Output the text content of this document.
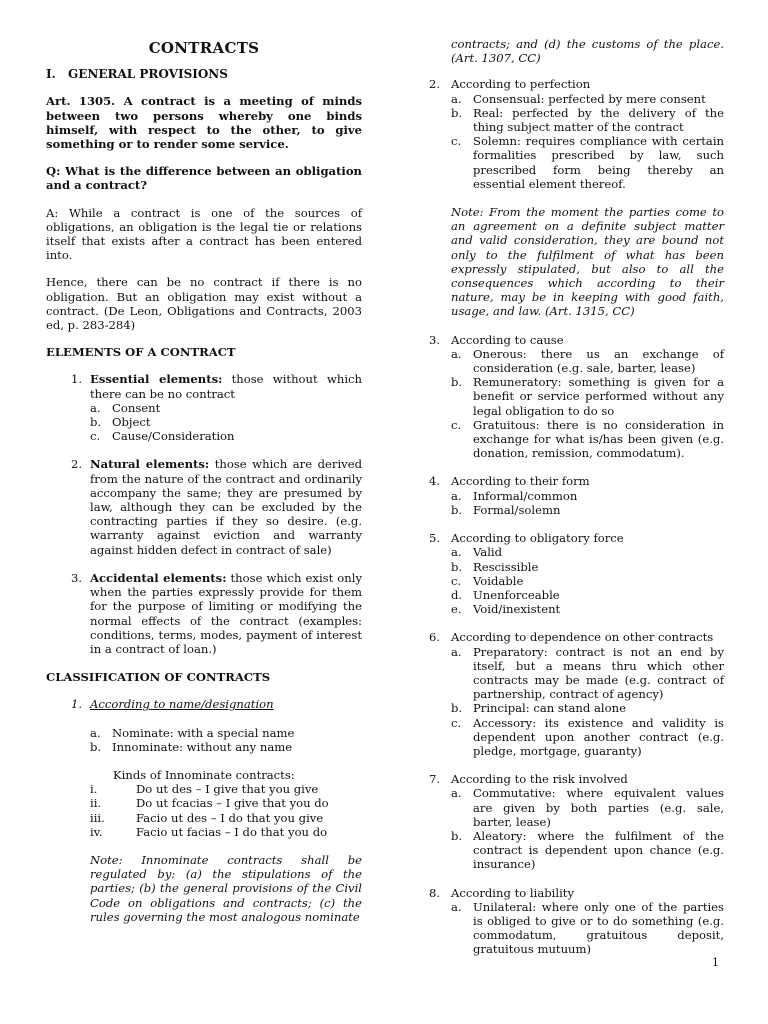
CONTRACTS
I. GENERAL PROVISIONS

Art. 1305. A contract is a meeting of minds between two persons whereby one binds himself, with respect to the other, to give something or to render some service.

Q: What is the difference between an obligation and a contract?

A: While a contract is one of the sources of obligations, an obligation is the legal tie or relations itself that exists after a contract has been entered into.

Hence, there can be no contract if there is no obligation. But an obligation may exist without a contract. (De Leon, Obligations and Contracts, 2003 ed, p. 283-284)

ELEMENTS OF A CONTRACT
1. Essential elements: those without which there can be no contract
a. Consent
b. Object
c.	Cause/Consideration
2. Natural elements: those which are derived from the nature of the contract and ordinarily accompany the same; they are presumed by law, although they can be excluded by the contracting parties if they so desire. (e.g. warranty against eviction and warranty against hidden defect in contract of sale)
3. Accidental elements: those which exist only when the parties expressly provide for them for the purpose of limiting or modifying the normal effects of the contract (examples: conditions, terms, modes, payment of interest in a contract of loan.)
CLASSIFICATION OF CONTRACTS
1. According to name/designation
a. Nominate: with a special name
b. Innominate: without any name
Kinds of Innominate contracts:
i.	Do ut des – I give that you give
ii.	Do ut fcacias – I give that you do
iii.	Facio ut des – I do that you give
iv.	Facio ut facias – I do that you do
Note: Innominate contracts shall be regulated by: (a) the stipulations of the parties; (b) the general provisions of the Civil Code on obligations and contracts; (c) the rules governing the most analogous nominate
contracts; and (d) the customs of the place. (Art. 1307, CC)
2. According to perfection
a. Consensual: perfected by mere consent
b. Real: perfected by the delivery of the thing subject matter of the contract
c.	Solemn: requires compliance with certain formalities prescribed by law, such prescribed form being thereby an essential element thereof.
Note: From the moment the parties come to an agreement on a definite subject matter and valid consideration, they are bound not only to the fulfilment of what has been expressly stipulated, but also to all the consequences which according to their nature, may be in keeping with good faith, usage, and law. (Art. 1315, CC)
3. According to cause
a. Onerous: there us an exchange of consideration (e.g. sale, barter, lease)
b. Remuneratory: something is given for a benefit or service performed without any legal obligation to do so
c.	Gratuitous: there is no consideration in exchange for what is/has been given (e.g. donation, remission, commodatum).
4. According to their form
a. Informal/common
b. Formal/solemn
5. According to obligatory force
a. Valid
b. Rescissible
c.	Voidable
d. Unenforceable
e. Void/inexistent
6. According to dependence on other contracts
a. Preparatory: contract is not an end by itself, but a means thru which other contracts may be made (e.g. contract of partnership, contract of agency)
b. Principal: can stand alone
c.	Accessory: its existence and validity is dependent upon another contract (e.g. pledge, mortgage, guaranty)
7. According to the risk involved
a. Commutative: where equivalent values are given by both parties (e.g. sale, barter, lease)
b. Aleatory: where the fulfilment of the contract is dependent upon chance (e.g. insurance)
8. According to liability
a. Unilateral: where only one of the parties is obliged to give or to do something (e.g. commodatum, gratuitous deposit, gratuitous mutuum)
1
